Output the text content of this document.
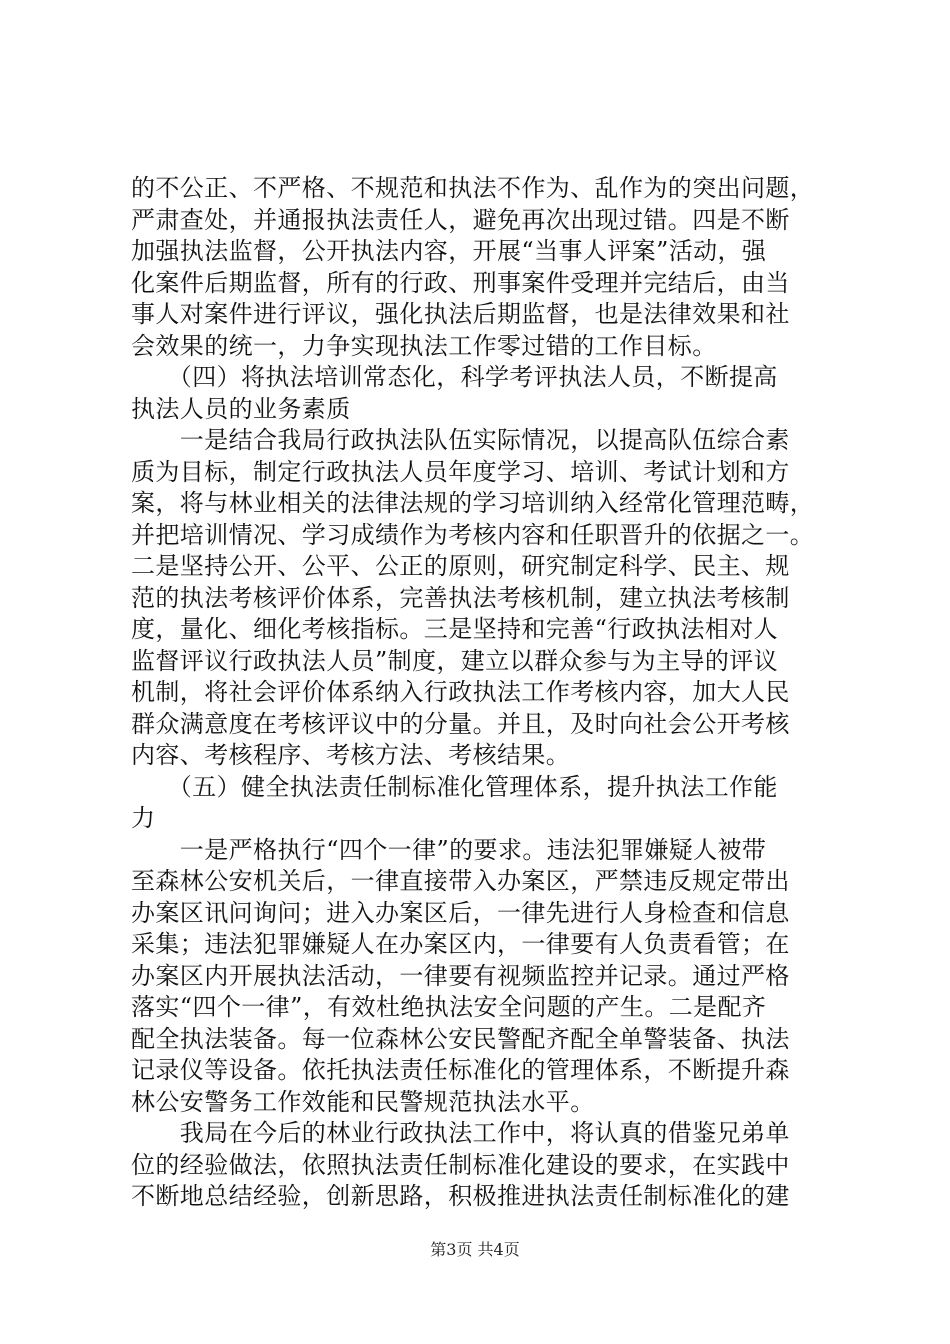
的不公正、不严格、不规范和执法不作为、乱作为的突出问题，
严肃查处，并通报执法责任人，避免再次出现过错。四是不断
加强执法监督，公开执法内容，开展“当事人评案”活动，强
化案件后期监督，所有的行政、刑事案件受理并完结后，由当
事人对案件进行评议，强化执法后期监督，也是法律效果和社
会效果的统一，力争实现执法工作零过错的工作目标。
　　（四）将执法培训常态化，科学考评执法人员，不断提高
执法人员的业务素质
　　一是结合我局行政执法队伍实际情况，以提高队伍综合素
质为目标，制定行政执法人员年度学习、培训、考试计划和方
案，将与林业相关的法律法规的学习培训纳入经常化管理范畴，
并把培训情况、学习成绩作为考核内容和任职晋升的依据之一。
二是坚持公开、公平、公正的原则，研究制定科学、民主、规
范的执法考核评价体系，完善执法考核机制，建立执法考核制
度，量化、细化考核指标。三是坚持和完善“行政执法相对人
监督评议行政执法人员”制度，建立以群众参与为主导的评议
机制，将社会评价体系纳入行政执法工作考核内容，加大人民
群众满意度在考核评议中的分量。并且，及时向社会公开考核
内容、考核程序、考核方法、考核结果。
　　（五）健全执法责任制标准化管理体系，提升执法工作能
力
　　一是严格执行“四个一律”的要求。违法犯罪嫌疑人被带
至森林公安机关后，一律直接带入办案区，严禁违反规定带出
办案区讯问询问；进入办案区后，一律先进行人身检查和信息
采集；违法犯罪嫌疑人在办案区内，一律要有人负责看管；在
办案区内开展执法活动，一律要有视频监控并记录。通过严格
落实“四个一律”，有效杜绝执法安全问题的产生。二是配齐
配全执法装备。每一位森林公安民警配齐配全单警装备、执法
记录仪等设备。依托执法责任标准化的管理体系，不断提升森
林公安警务工作效能和民警规范执法水平。
　　我局在今后的林业行政执法工作中，将认真的借鉴兄弟单
位的经验做法，依照执法责任制标准化建设的要求，在实践中
不断地总结经验，创新思路，积极推进执法责任制标准化的建
第3页 共4页
